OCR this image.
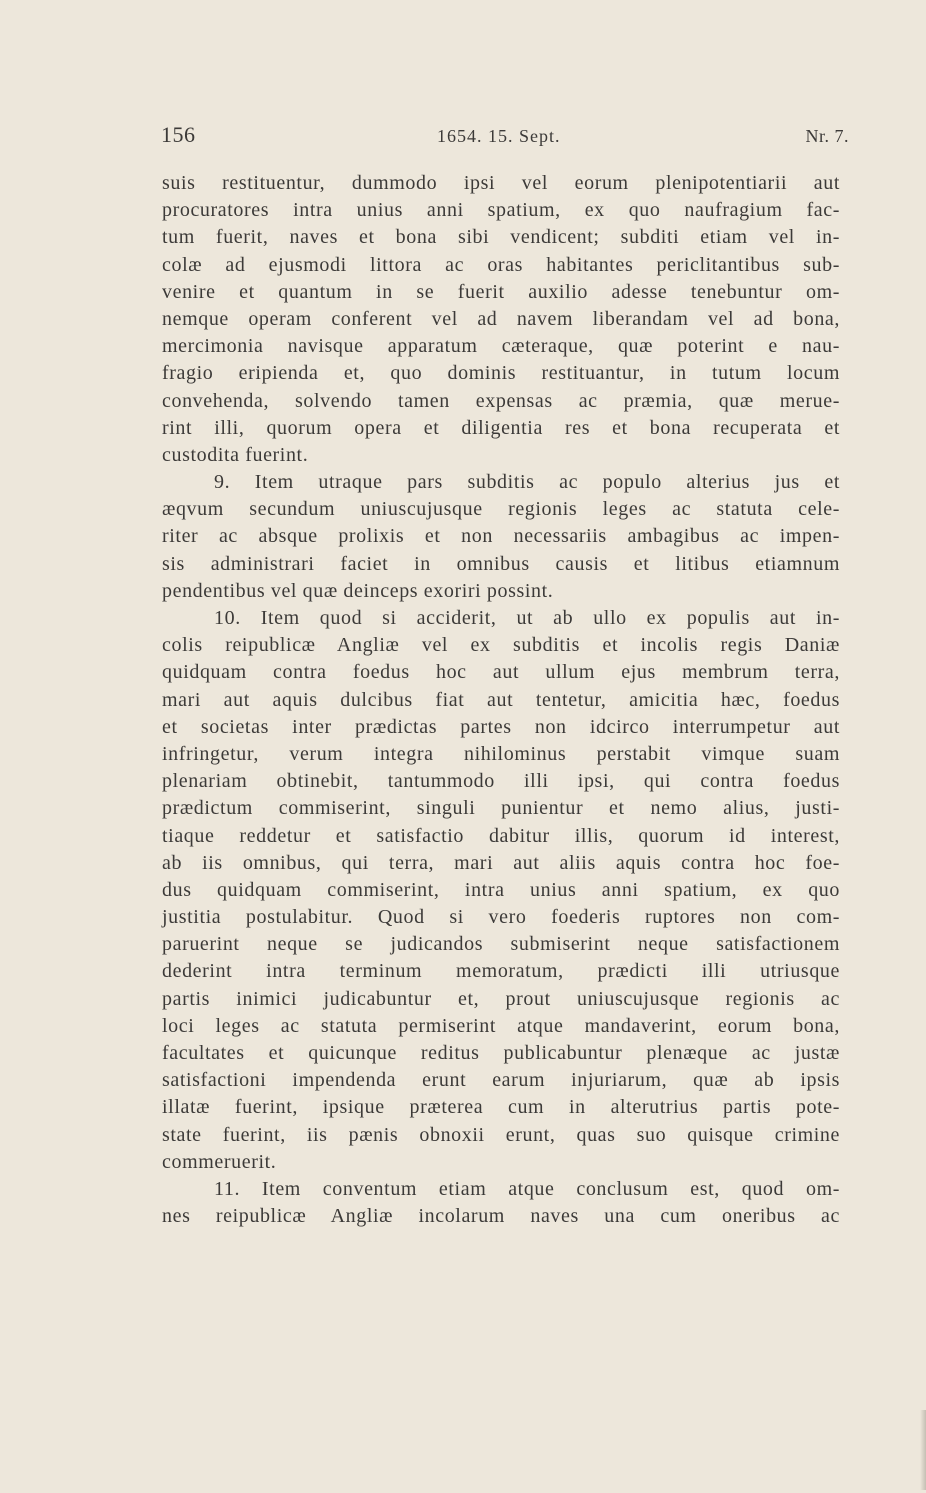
156	1654. 15. Sept.	Nr. 7.
suis restituentur, dummodo ipsi vel eorum plenipotentiarii aut
procuratores intra unius anni spatium, ex quo naufragium fac-
tum fuerit, naves et bona sibi vendicent; subditi etiam vel in-
colæ ad ejusmodi littora ac oras habitantes periclitantibus sub-
venire et quantum in se fuerit auxilio adesse tenebuntur om-
nemque operam conferent vel ad navem liberandam vel ad bona,
mercimonia navisque apparatum cæteraque, quæ poterint e nau-
fragio eripienda et, quo dominis restituantur, in tutum locum
convehenda, solvendo tamen expensas ac præmia, quæ merue-
rint illi, quorum opera et diligentia res et bona recuperata et
custodita fuerint.
9. Item utraque pars subditis ac populo alterius jus et
æqvum secundum uniuscujusque regionis leges ac statuta cele-
riter ac absque prolixis et non necessariis ambagibus ac impen-
sis administrari faciet in omnibus causis et litibus etiamnum
pendentibus vel quæ deinceps exoriri possint.
10. Item quod si acciderit, ut ab ullo ex populis aut in-
colis reipublicæ Angliæ vel ex subditis et incolis regis Daniæ
quidquam contra foedus hoc aut ullum ejus membrum terra,
mari aut aquis dulcibus fiat aut tentetur, amicitia hæc, foedus
et societas inter prædictas partes non idcirco interrumpetur aut
infringetur, verum integra nihilominus perstabit vimque suam
plenariam obtinebit, tantummodo illi ipsi, qui contra foedus
prædictum commiserint, singuli punientur et nemo alius, justi-
tiaque reddetur et satisfactio dabitur illis, quorum id interest,
ab iis omnibus, qui terra, mari aut aliis aquis contra hoc foe-
dus quidquam commiserint, intra unius anni spatium, ex quo
justitia postulabitur. Quod si vero foederis ruptores non com-
paruerint neque se judicandos submiserint neque satisfactionem
dederint intra terminum memoratum, prædicti illi utriusque
partis inimici judicabuntur et, prout uniuscujusque regionis ac
loci leges ac statuta permiserint atque mandaverint, eorum bona,
facultates et quicunque reditus publicabuntur plenæque ac justæ
satisfactioni impendenda erunt earum injuriarum, quæ ab ipsis
illatæ fuerint, ipsique præterea cum in alterutrius partis pote-
state fuerint, iis pænis obnoxii erunt, quas suo quisque crimine
commeruerit.
11. Item conventum etiam atque conclusum est, quod om-
nes reipublicæ Angliæ incolarum naves una cum oneribus ac
